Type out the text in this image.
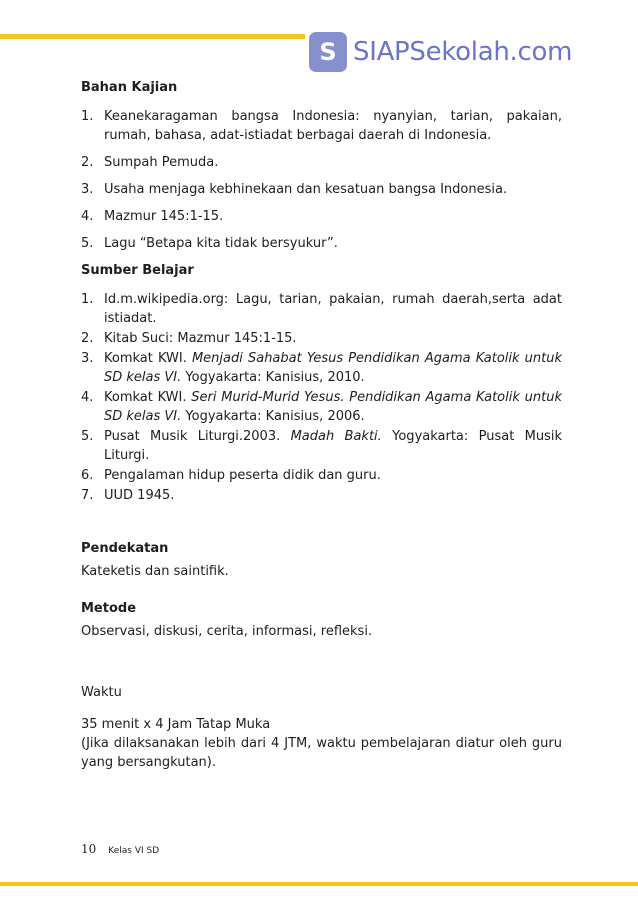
S SIAPSekolah.com

Bahan Kajian

1. Keanekaragaman bangsa Indonesia: nyanyian, tarian, pakaian, rumah, bahasa, adat-istiadat berbagai daerah di Indonesia.
2. Sumpah Pemuda.
3. Usaha menjaga kebhinekaan dan kesatuan bangsa Indonesia.
4. Mazmur 145:1-15.
5. Lagu “Betapa kita tidak bersyukur”.

Sumber Belajar

1. Id.m.wikipedia.org: Lagu, tarian, pakaian, rumah daerah,serta adat istiadat.
2. Kitab Suci: Mazmur 145:1-15.
3. Komkat KWI. Menjadi Sahabat Yesus Pendidikan Agama Katolik untuk SD kelas VI. Yogyakarta: Kanisius, 2010.
4. Komkat KWI. Seri Murid-Murid Yesus. Pendidikan Agama Katolik untuk SD kelas VI. Yogyakarta: Kanisius, 2006.
5. Pusat Musik Liturgi.2003. Madah Bakti. Yogyakarta: Pusat Musik Liturgi.
6. Pengalaman hidup peserta didik dan guru.
7. UUD 1945.

Pendekatan

Kateketis dan saintifik.

Metode

Observasi, diskusi, cerita, informasi, refleksi.

Waktu

35 menit x 4 Jam Tatap Muka

(Jika dilaksanakan lebih dari 4 JTM, waktu pembelajaran diatur oleh guru yang bersangkutan).

10 Kelas VI SD
